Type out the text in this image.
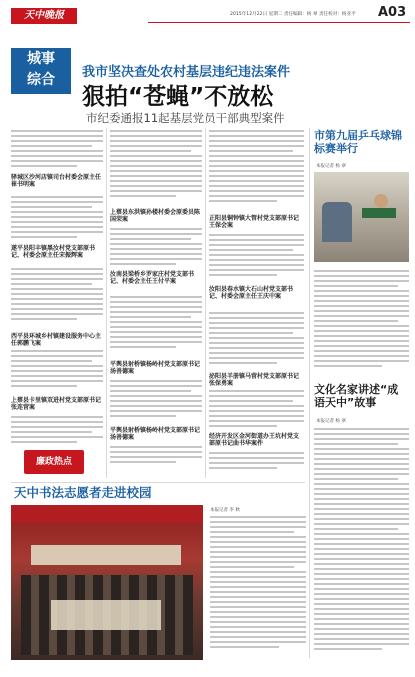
天中晚报	2015年12月22日 星期二 责任编辑：杨 翠 责任校对：杨亚平	A03
城事
综合	我市坚决查处农村基层违纪违法案件
狠拍“苍蝇”不放松
市纪委通报11起基层党员干部典型案件
驿城区沙河店镇司台村委会原主任崔书明案
遂平县阳丰镇黑汝村党支部原书记、村委会原主任宋振辉案
西平县环城乡村镇建设服务中心主任郭鹏飞案
上蔡县卡里镇双进村党支部原书记张连营案
廉政热点
上蔡县东洪镇孙楼村委会原委员陈国荣案
汝南县梁桥乡罗家庄村党支部书记、村委会主任王付平案
平舆县射桥镇杨岭村党支部原书记汤善德案
平舆县射桥镇杨岭村党支部原书记汤善德案
正阳县铜钟镇大管村党支部原书记王保会案
汝阳县春水镇大石山村党支部书记、村委会原主任王庆中案
泌阳县羊册镇马营村党支部原书记张保勇案
经济开发区金河街道办王坑村党支部原书记曲书华案件
市第九届乒乓球锦标赛举行
本报记者 杨 翠
文化名家讲述“成语天中”故事
本报记者 杨 翠
天中书法志愿者走进校园
本报记者 李 秋
